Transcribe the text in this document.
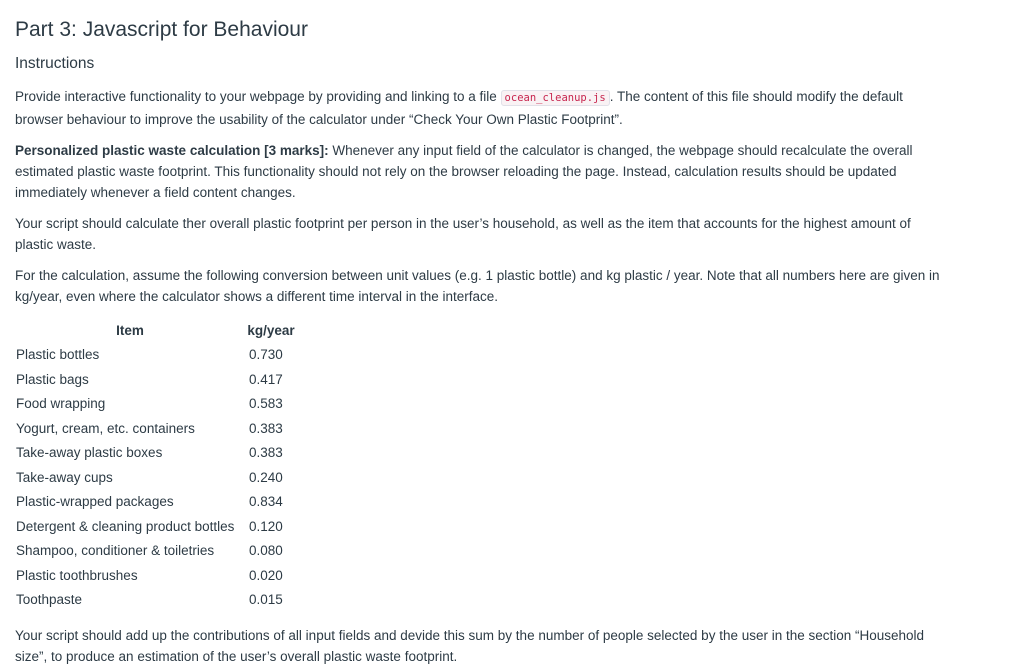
Part 3: Javascript for Behaviour
Instructions

Provide interactive functionality to your webpage by providing and linking to a file ocean_cleanup.js . The content of this file should modify the default browser behaviour to improve the usability of the calculator under “Check Your Own Plastic Footprint”.

Personalized plastic waste calculation [3 marks]: Whenever any input field of the calculator is changed, the webpage should recalculate the overall estimated plastic waste footprint. This functionality should not rely on the browser reloading the page. Instead, calculation results should be updated immediately whenever a field content changes.

Your script should calculate ther overall plastic footprint per person in the user’s household, as well as the item that accounts for the highest amount of plastic waste.

For the calculation, assume the following conversion between unit values (e.g. 1 plastic bottle) and kg plastic / year. Note that all numbers here are given in kg/year, even where the calculator shows a different time interval in the interface.

Item	kg/year
Plastic bottles	0.730
Plastic bags	0.417
Food wrapping	0.583
Yogurt, cream, etc. containers	0.383
Take-away plastic boxes	0.383
Take-away cups	0.240
Plastic-wrapped packages	0.834
Detergent & cleaning product bottles	0.120
Shampoo, conditioner & toiletries	0.080
Plastic toothbrushes	0.020
Toothpaste	0.015

Your script should add up the contributions of all input fields and devide this sum by the number of people selected by the user in the section “Household size”, to produce an estimation of the user’s overall plastic waste footprint.
